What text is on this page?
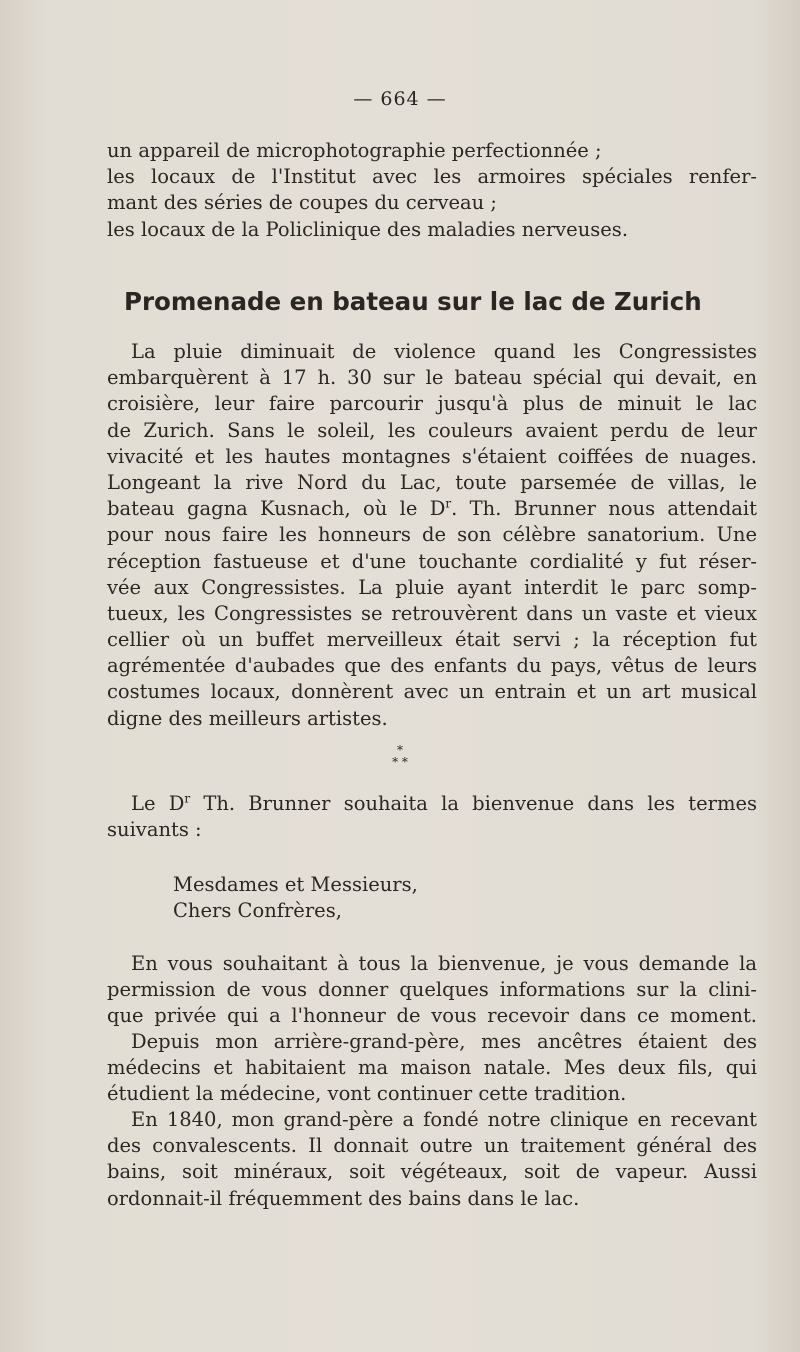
— 664 —
un appareil de microphotographie perfectionnée ;
les locaux de l'Institut avec les armoires spéciales renfer-
mant des séries de coupes du cerveau ;
les locaux de la Policlinique des maladies nerveuses.
Promenade en bateau sur le lac de Zurich
La pluie diminuait de violence quand les Congressistes
embarquèrent à 17 h. 30 sur le bateau spécial qui devait, en
croisière, leur faire parcourir jusqu'à plus de minuit le lac
de Zurich. Sans le soleil, les couleurs avaient perdu de leur
vivacité et les hautes montagnes s'étaient coiffées de nuages.
Longeant la rive Nord du Lac, toute parsemée de villas, le
bateau gagna Kusnach, où le $D^r$. Th. Brunner nous attendait
pour nous faire les honneurs de son célèbre sanatorium. Une
réception fastueuse et d'une touchante cordialité y fut réser-
vée aux Congressistes. La pluie ayant interdit le parc somp-
tueux, les Congressistes se retrouvèrent dans un vaste et vieux
cellier où un buffet merveilleux était servi ; la réception fut
agrémentée d'aubades que des enfants du pays, vêtus de leurs
costumes locaux, donnèrent avec un entrain et un art musical
digne des meilleurs artistes.
*
* *
Le $D^r$ Th. Brunner souhaita la bienvenue dans les termes
suivants :
Mesdames et Messieurs,
Chers Confrères,
En vous souhaitant à tous la bienvenue, je vous demande la
permission de vous donner quelques informations sur la clini-
que privée qui a l'honneur de vous recevoir dans ce moment.
Depuis mon arrière-grand-père, mes ancêtres étaient des
médecins et habitaient ma maison natale. Mes deux fils, qui
étudient la médecine, vont continuer cette tradition.
En 1840, mon grand-père a fondé notre clinique en recevant
des convalescents. Il donnait outre un traitement général des
bains, soit minéraux, soit végéteaux, soit de vapeur. Aussi
ordonnait-il fréquemment des bains dans le lac.
